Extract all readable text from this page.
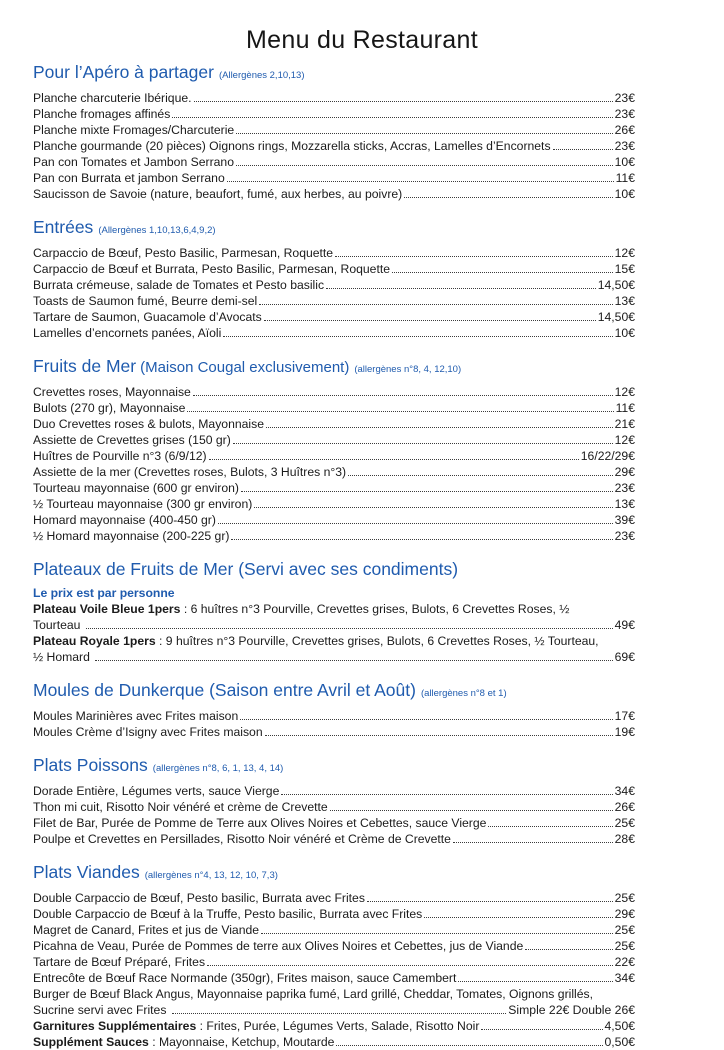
Menu du Restaurant
Pour l’Apéro à partager (Allergènes 2,10,13)
Planche charcuterie Ibérique.	23€
Planche fromages affinés	23€
Planche mixte Fromages/Charcuterie	26€
Planche gourmande (20 pièces) Oignons rings, Mozzarella sticks, Accras, Lamelles d’Encornets	23€
Pan con Tomates et Jambon Serrano	10€
Pan con Burrata et jambon Serrano	11€
Saucisson de Savoie (nature, beaufort, fumé, aux herbes, au poivre)	10€
Entrées (Allergènes 1,10,13,6,4,9,2)
Carpaccio de Bœuf, Pesto Basilic, Parmesan, Roquette	12€
Carpaccio de Bœuf et Burrata, Pesto Basilic, Parmesan, Roquette	15€
Burrata crémeuse, salade de Tomates et Pesto basilic	14,50€
Toasts de Saumon fumé, Beurre demi-sel	13€
Tartare de Saumon, Guacamole d’Avocats	14,50€
Lamelles d’encornets panées, Aïoli	10€
Fruits de Mer (Maison Cougal exclusivement) (allergènes n°8, 4, 12,10)
Crevettes roses, Mayonnaise	12€
Bulots (270 gr), Mayonnaise	11€
Duo Crevettes roses & bulots, Mayonnaise	21€
Assiette de Crevettes grises (150 gr)	12€
Huîtres de Pourville n°3 (6/9/12)	16/22/29€
Assiette de la mer (Crevettes roses, Bulots, 3 Huîtres n°3)	29€
Tourteau mayonnaise (600 gr environ)	23€
½ Tourteau mayonnaise (300 gr environ)	13€
Homard mayonnaise (400-450 gr)	39€
½ Homard mayonnaise (200-225 gr)	23€
Plateaux de Fruits de Mer (Servi avec ses condiments)
Le prix est par personne
Plateau Voile Bleue 1pers : 6 huîtres n°3 Pourville, Crevettes grises, Bulots, 6 Crevettes Roses, ½
Tourteau	49€
Plateau Royale 1pers : 9 huîtres n°3 Pourville, Crevettes grises, Bulots, 6 Crevettes Roses, ½ Tourteau,
½ Homard	69€
Moules de Dunkerque (Saison entre Avril et Août) (allergènes n°8 et 1)
Moules Marinières avec Frites maison	17€
Moules Crème d’Isigny avec Frites maison	19€
Plats Poissons (allergènes n°8, 6, 1, 13, 4, 14)
Dorade Entière, Légumes verts, sauce Vierge	34€
Thon mi cuit, Risotto Noir vénéré et crème de Crevette	26€
Filet de Bar, Purée de Pomme de Terre aux Olives Noires et Cebettes, sauce Vierge	25€
Poulpe et Crevettes en Persillades, Risotto Noir vénéré et Crème de Crevette	28€
Plats Viandes (allergènes n°4, 13, 12, 10, 7,3)
Double Carpaccio de Bœuf, Pesto basilic, Burrata avec Frites	25€
Double Carpaccio de Bœuf à la Truffe, Pesto basilic, Burrata avec Frites	29€
Magret de Canard, Frites et jus de Viande	25€
Picahna de Veau, Purée de Pommes de terre aux Olives Noires et Cebettes, jus de Viande	25€
Tartare de Bœuf Préparé, Frites	22€
Entrecôte de Bœuf Race Normande (350gr), Frites maison, sauce Camembert	34€
Burger de Bœuf Black Angus, Mayonnaise paprika fumé, Lard grillé, Cheddar, Tomates, Oignons grillés,
Sucrine servi avec Frites	Simple 22€ Double 26€
Garnitures Supplémentaires : Frites, Purée, Légumes Verts, Salade, Risotto Noir	4,50€
Supplément Sauces : Mayonnaise, Ketchup, Moutarde	0,50€
